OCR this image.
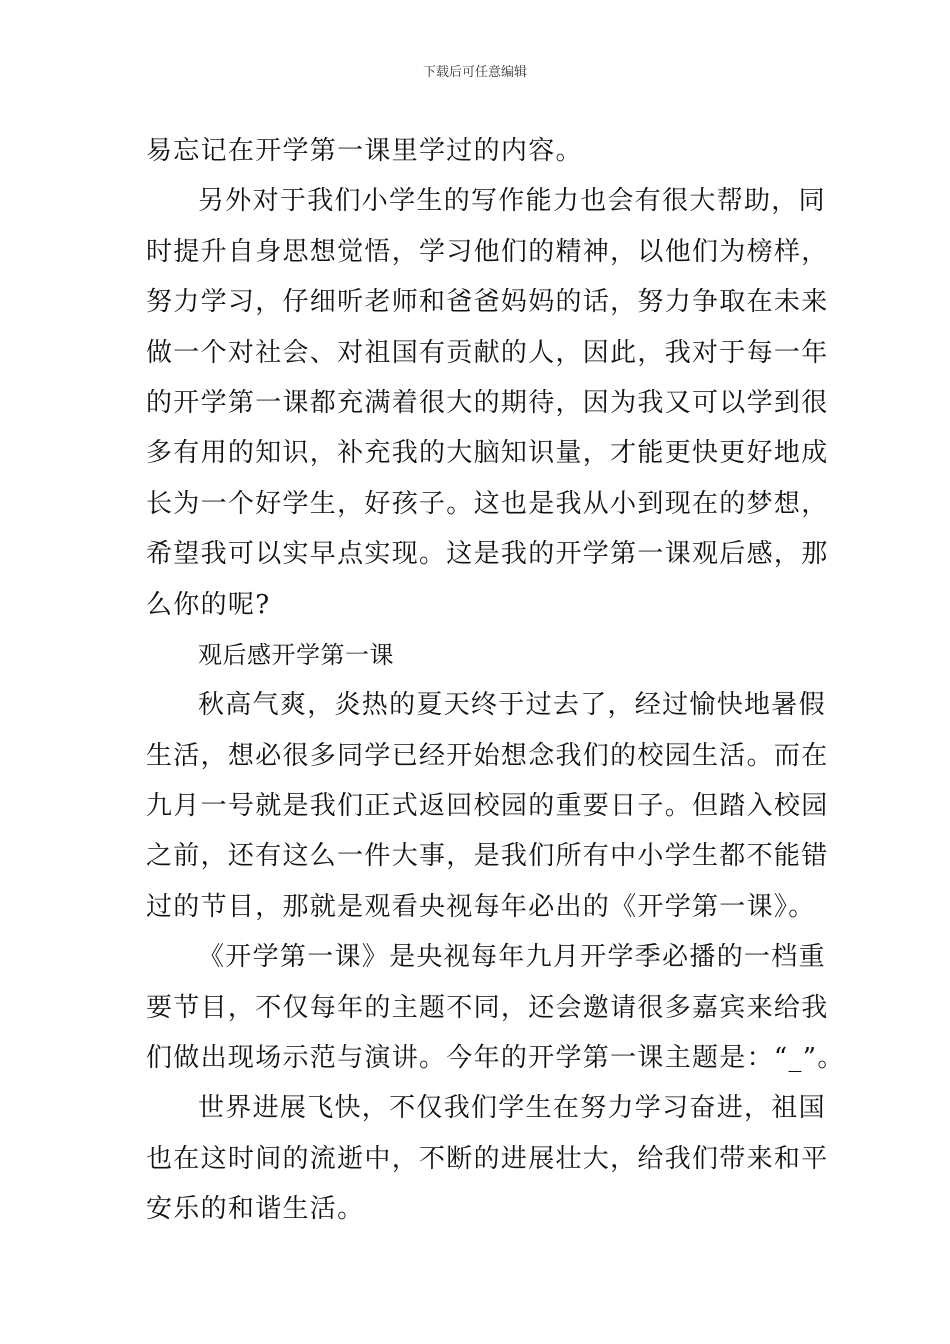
下载后可任意编辑
易忘记在开学第一课里学过的内容。
另外对于我们小学生的写作能力也会有很大帮助，同
时提升自身思想觉悟，学习他们的精神，以他们为榜样，
努力学习，仔细听老师和爸爸妈妈的话，努力争取在未来
做一个对社会、对祖国有贡献的人，因此，我对于每一年
的开学第一课都充满着很大的期待，因为我又可以学到很
多有用的知识，补充我的大脑知识量，才能更快更好地成
长为一个好学生，好孩子。这也是我从小到现在的梦想，
希望我可以实早点实现。这是我的开学第一课观后感，那
么你的呢?
观后感开学第一课
秋高气爽，炎热的夏天终于过去了，经过愉快地暑假
生活，想必很多同学已经开始想念我们的校园生活。而在
九月一号就是我们正式返回校园的重要日子。但踏入校园
之前，还有这么一件大事，是我们所有中小学生都不能错
过的节目，那就是观看央视每年必出的《开学第一课》。
《开学第一课》是央视每年九月开学季必播的一档重
要节目，不仅每年的主题不同，还会邀请很多嘉宾来给我
们做出现场示范与演讲。今年的开学第一课主题是：“_”。
世界进展飞快，不仅我们学生在努力学习奋进，祖国
也在这时间的流逝中，不断的进展壮大，给我们带来和平
安乐的和谐生活。
